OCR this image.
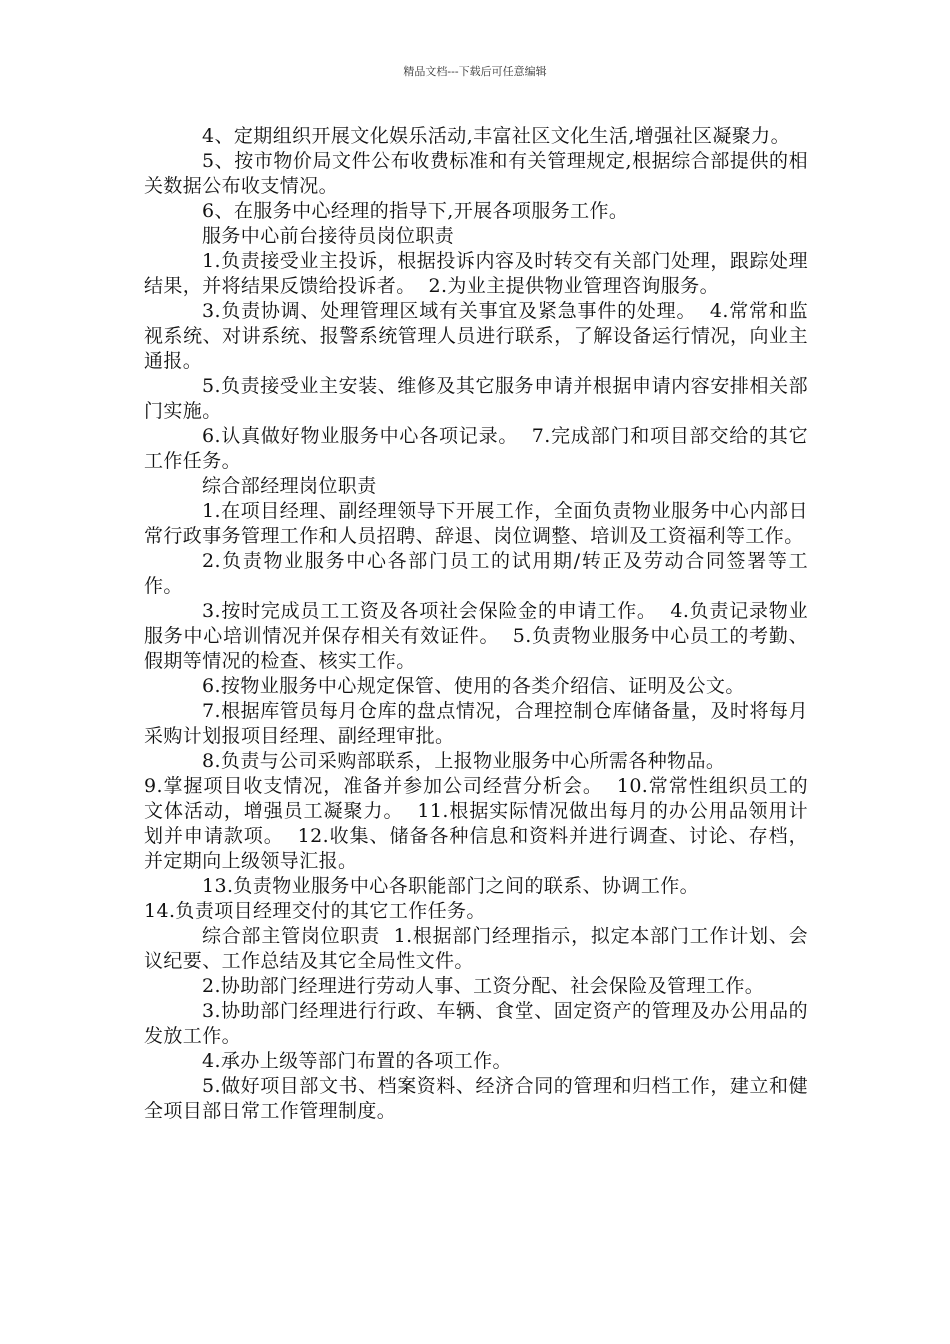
精品文档---下载后可任意编辑

4、定期组织开展文化娱乐活动,丰富社区文化生活,增强社区凝聚力。

5、按市物价局文件公布收费标准和有关管理规定,根据综合部提供的相关数据公布收支情况。

6、在服务中心经理的指导下,开展各项服务工作。

服务中心前台接待员岗位职责

1.负责接受业主投诉，根据投诉内容及时转交有关部门处理，跟踪处理结果，并将结果反馈给投诉者。  2.为业主提供物业管理咨询服务。

3.负责协调、处理管理区域有关事宜及紧急事件的处理。  4.常常和监视系统、对讲系统、报警系统管理人员进行联系，了解设备运行情况，向业主通报。

5.负责接受业主安装、维修及其它服务申请并根据申请内容安排相关部门实施。

6.认真做好物业服务中心各项记录。  7.完成部门和项目部交给的其它工作任务。

综合部经理岗位职责

1.在项目经理、副经理领导下开展工作，全面负责物业服务中心内部日常行政事务管理工作和人员招聘、辞退、岗位调整、培训及工资福利等工作。

2.负责物业服务中心各部门员工的试用期/转正及劳动合同签署等工作。

3.按时完成员工工资及各项社会保险金的申请工作。  4.负责记录物业服务中心培训情况并保存相关有效证件。  5.负责物业服务中心员工的考勤、假期等情况的检查、核实工作。

6.按物业服务中心规定保管、使用的各类介绍信、证明及公文。

7.根据库管员每月仓库的盘点情况，合理控制仓库储备量，及时将每月采购计划报项目经理、副经理审批。

8.负责与公司采购部联系，上报物业服务中心所需各种物品。

9.掌握项目收支情况，准备并参加公司经营分析会。  10.常常性组织员工的文体活动，增强员工凝聚力。  11.根据实际情况做出每月的办公用品领用计划并申请款项。  12.收集、储备各种信息和资料并进行调查、讨论、存档，并定期向上级领导汇报。

13.负责物业服务中心各职能部门之间的联系、协调工作。

14.负责项目经理交付的其它工作任务。

综合部主管岗位职责  1.根据部门经理指示，拟定本部门工作计划、会议纪要、工作总结及其它全局性文件。

2.协助部门经理进行劳动人事、工资分配、社会保险及管理工作。

3.协助部门经理进行行政、车辆、食堂、固定资产的管理及办公用品的发放工作。

4.承办上级等部门布置的各项工作。

5.做好项目部文书、档案资料、经济合同的管理和归档工作，建立和健全项目部日常工作管理制度。
